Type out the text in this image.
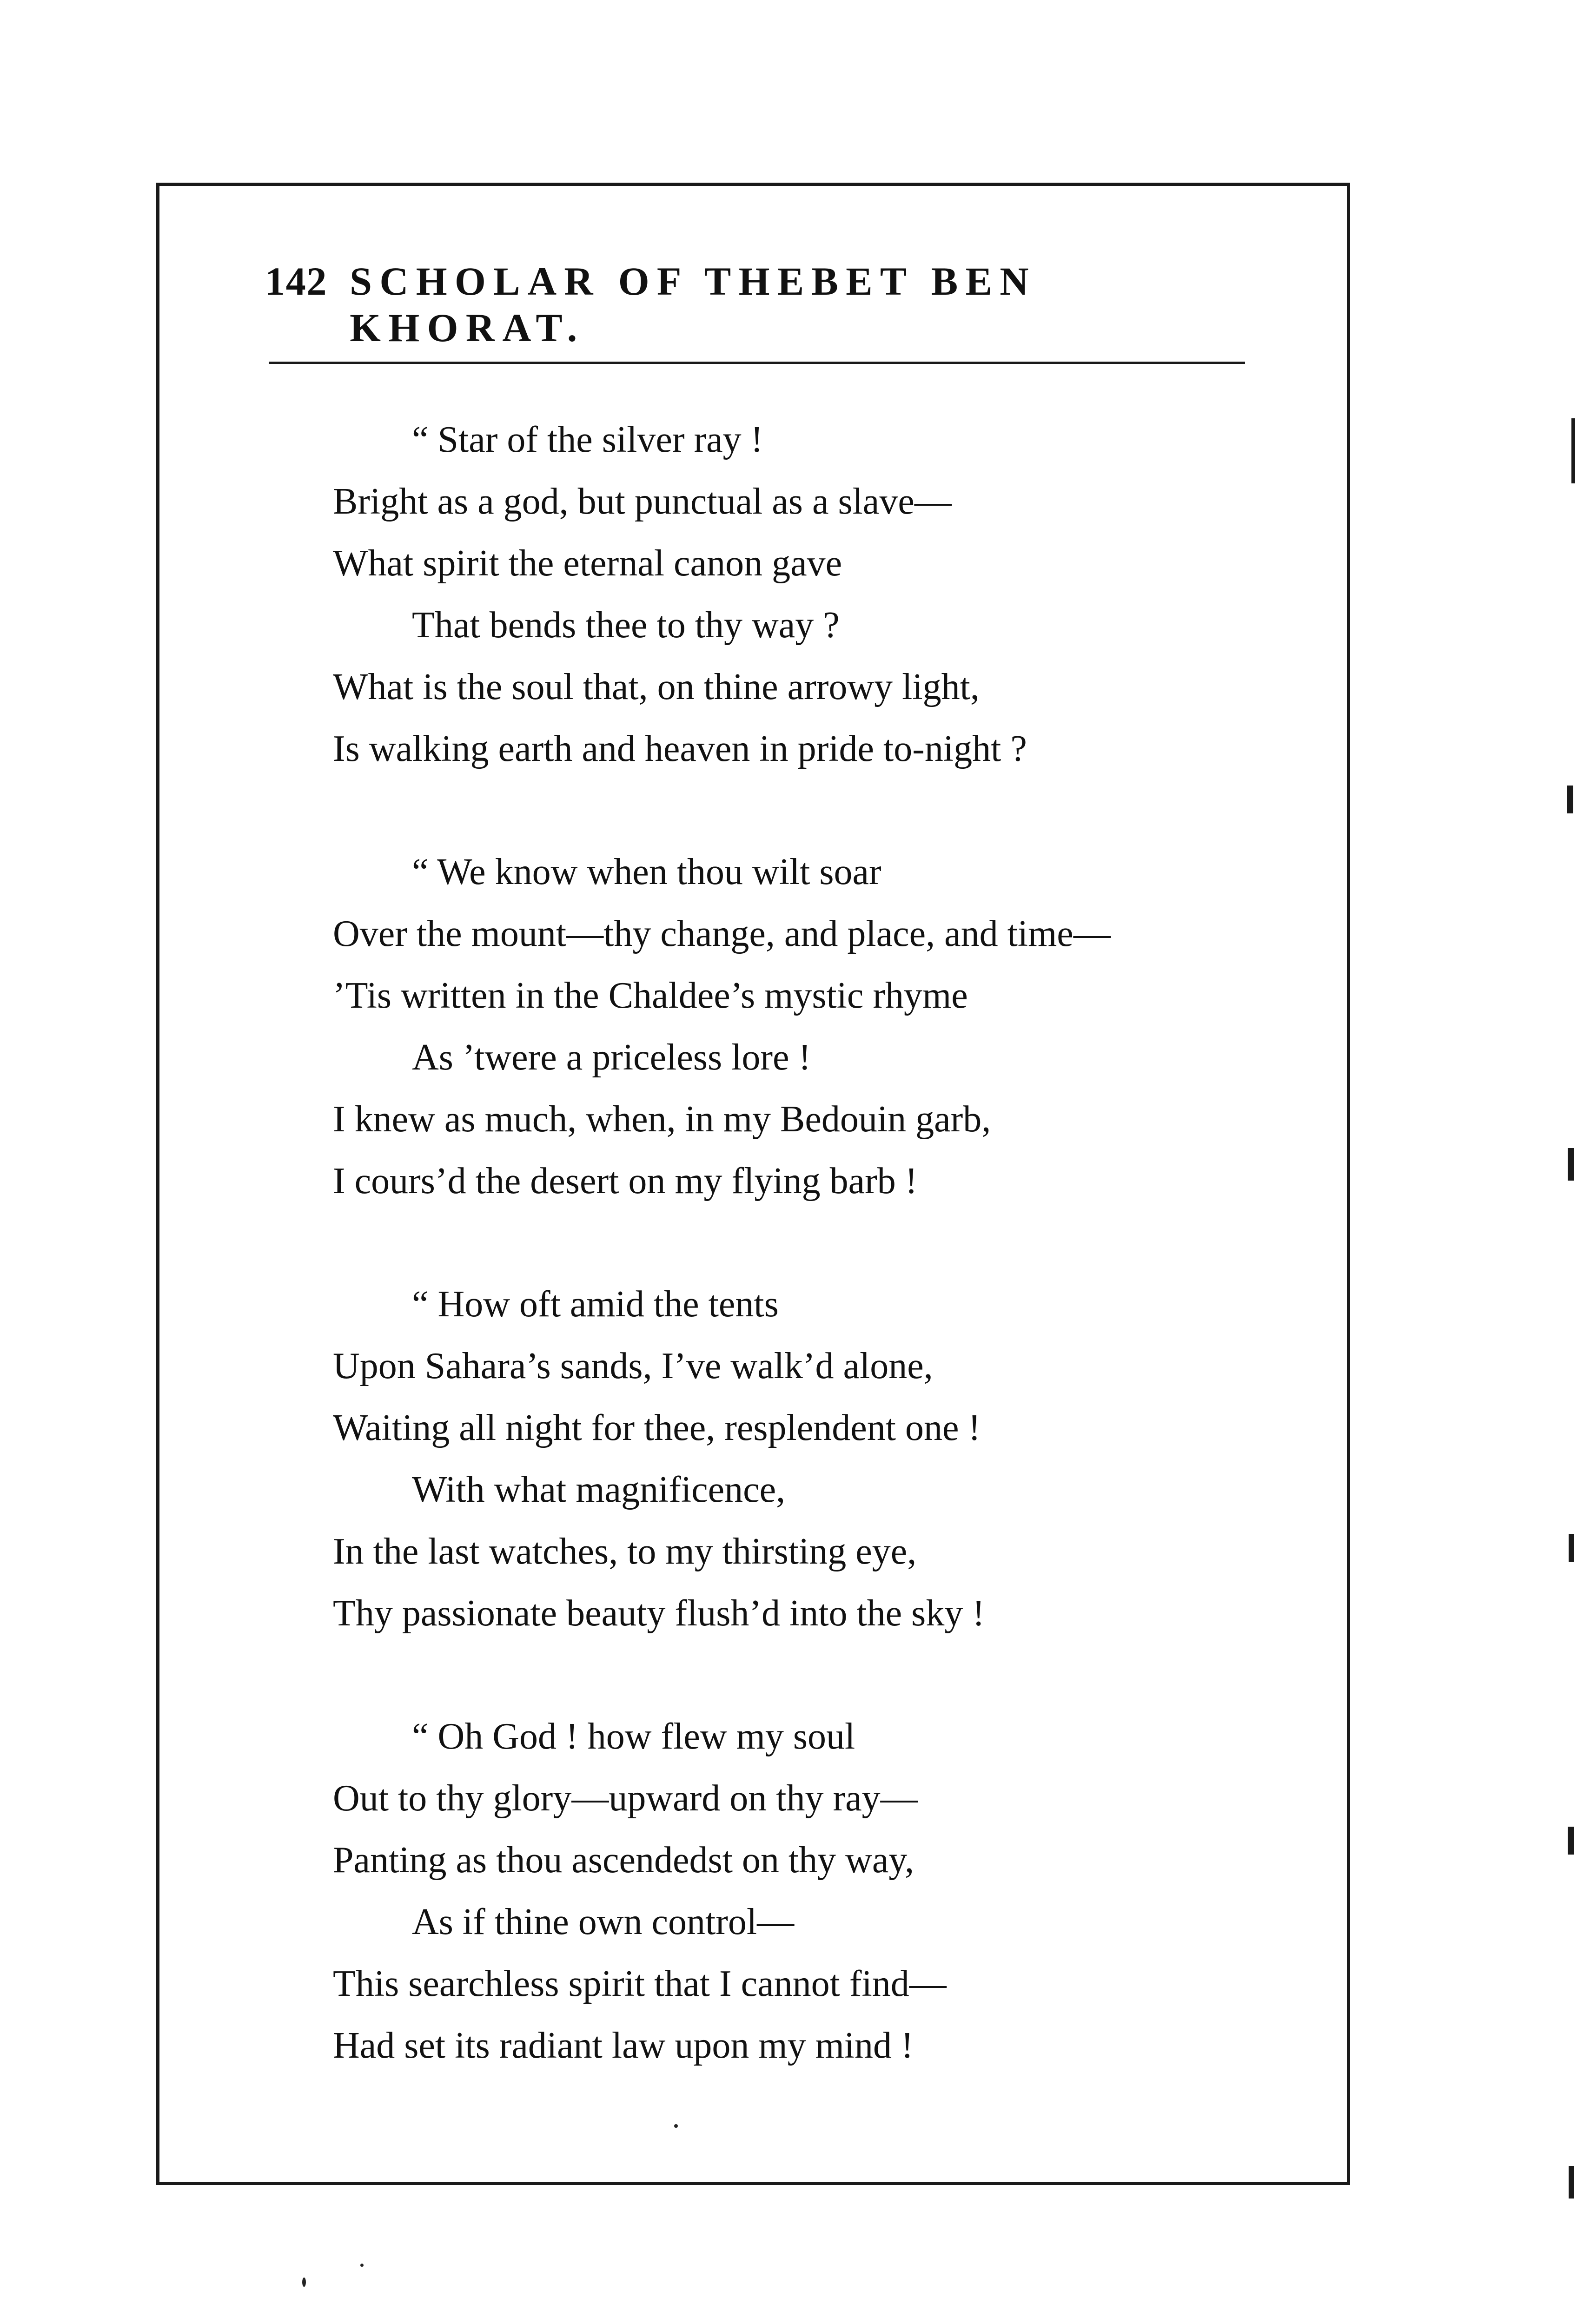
142 SCHOLAR OF THEBET BEN KHORAT.
“ Star of the silver ray !
Bright as a god, but punctual as a slave—
What spirit the eternal canon gave
That bends thee to thy way ?
What is the soul that, on thine arrowy light,
Is walking earth and heaven in pride to-night ?
“ We know when thou wilt soar
Over the mount—thy change, and place, and time—
’Tis written in the Chaldee’s mystic rhyme
As ’twere a priceless lore !
I knew as much, when, in my Bedouin garb,
I cours’d the desert on my flying barb !
“ How oft amid the tents
Upon Sahara’s sands, I’ve walk’d alone,
Waiting all night for thee, resplendent one !
With what magnificence,
In the last watches, to my thirsting eye,
Thy passionate beauty flush’d into the sky !
“ Oh God ! how flew my soul
Out to thy glory—upward on thy ray—
Panting as thou ascendedst on thy way,
As if thine own control—
This searchless spirit that I cannot find—
Had set its radiant law upon my mind !
